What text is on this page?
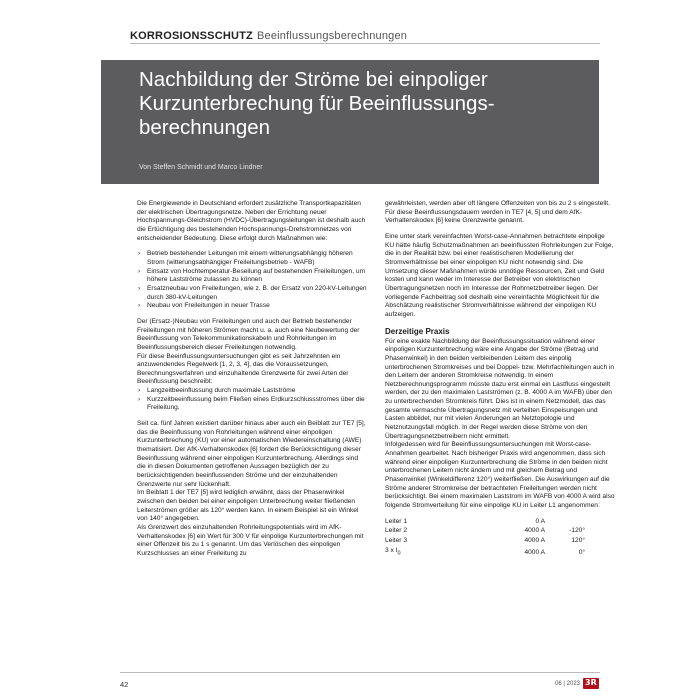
KORROSIONSSCHUTZ Beeinflussungsberechnungen
Nachbildung der Ströme bei einpoliger
Kurzunterbrechung für Beeinflussungs-
berechnungen
Von Steffen Schmidt und Marco Lindner

Die Energiewende in Deutschland erfordert zusätzliche Transportkapazitäten der elektrischen Übertragungsnetze. Neben der Errichtung neuer Hochspannungs-Gleichstrom (HVDC)-Übertragungsleitungen ist deshalb auch die Ertüchtigung des bestehenden Hochspannungs-Drehstromnetzes von entscheidender Bedeutung. Diese erfolgt durch Maßnahmen wie:

› Betrieb bestehender Leitungen mit einem witterungsabhängig höheren Strom (witterungsabhängiger Freileitungsbetrieb - WAFB)
› Einsatz von Hochtemperatur-Beseilung auf bestehenden Freileitungen, um höhere Lastströme zulassen zu können
› Ersatzneubau von Freileitungen, wie z. B. der Ersatz von 220-kV-Leitungen durch 380-kV-Leitungen
› Neubau von Freileitungen in neuer Trasse

Der (Ersatz-)Neubau von Freileitungen und auch der Betrieb bestehender Freileitungen mit höheren Strömen macht u. a. auch eine Neubewertung der Beeinflussung von Telekommunikationskabeln und Rohrleitungen im Beeinflussungsbereich dieser Freileitungen notwendig.

Für diese Beeinflussungsuntersuchungen gibt es seit Jahrzehnten ein anzuwendendes Regelwerk [1, 2, 3, 4], das die Voraussetzungen, Berechnungsverfahren und einzuhaltende Grenzwerte für zwei Arten der Beeinflussung beschreibt:

› Langzeitbeeinflussung durch maximale Lastströme
› Kurzzeitbeeinflussung beim Fließen eines Erdkurzschlussstromes über die Freileitung.

Seit ca. fünf Jahren existiert darüber hinaus aber auch ein Beiblatt zur TE7 [5], das die Beeinflussung von Rohrleitungen während einer einpoligen Kurzunterbrechung (KU) vor einer automatischen Wiedereinschaltung (AWE) thematisiert. Der AfK-Verhaltenskodex [6] fordert die Berücksichtigung dieser Beeinflussung während einer einpoligen Kurzunterbrechung. Allerdings sind die in diesen Dokumenten getroffenen Aussagen bezüglich der zu berücksichtigenden beeinflussenden Ströme und der einzuhaltenden Grenzwerte nur sehr lückenhaft.

Im Beiblatt 1 der TE7 [5] wird lediglich erwähnt, dass der Phasenwinkel zwischen den beiden bei einer einpoligen Unterbrechung weiter fließenden Leiterströmen größer als 120° werden kann. In einem Beispiel ist ein Winkel von 140° angegeben.

Als Grenzwert des einzuhaltenden Rohrleitungspotentials wird im AfK-Verhaltenskodex [6] ein Wert für 300 V für einpolige Kurzunterbrechungen mit einer Offenzeit bis zu 1 s genannt. Um das Verlöschen des einpoligen Kurzschlusses an einer Freileitung zu

gewährleisten, werden aber oft längere Offenzeiten von bis zu 2 s eingestellt. Für diese Beeinflussungsdauern werden in TE7 [4, 5] und dem AfK-Verhaltenskodex [6] keine Grenzwerte genannt.

Eine unter stark vereinfachten Worst-case-Annahmen betrachtete einpolige KU hätte häufig Schutzmaßnahmen an beeinflussten Rohrleitungen zur Folge, die in der Realität bzw. bei einer realistischeren Modellierung der Stromverhältnisse bei einer einpoligen KU nicht notwendig sind. Die Umsetzung dieser Maßnahmen würde unnötige Ressourcen, Zeit und Geld kosten und kann weder im Interesse der Betreiber von elektrischen Übertragungsnetzen noch im Interesse der Rohrnetzbetreiber liegen. Der vorliegende Fachbeitrag soll deshalb eine vereinfachte Möglichkeit für die Abschätzung realistischer Stromverhältnisse während der einpoligen KU aufzeigen.

Derzeitige Praxis

Für eine exakte Nachbildung der Beeinflussungssituation während einer einpoligen Kurzunterbrechung wäre eine Angabe der Ströme (Betrag und Phasenwinkel) in den beiden verbleibenden Leitern des einpolig unterbrochenen Stromkreises und bei Doppel- bzw. Mehrfachleitungen auch in den Leitern der anderen Stromkreise notwendig. In einem Netzberechnungsprogramm müsste dazu erst einmal ein Lastfluss eingestellt werden, der zu den maximalen Lastströmen (z. B. 4000 A im WAFB) über den zu unterbrechenden Stromkreis führt. Dies ist in einem Netzmodell, das das gesamte vermaschte Übertragungsnetz mit verteilten Einspeisungen und Lasten abbildet, nur mit vielen Änderungen an Netztopologie und Netznutzungsfall möglich. In der Regel werden diese Ströme von den Übertragungsnetzbetreibern nicht ermittelt.

Infolgedessen wird für Beeinflussungsuntersuchungen mit Worst-case-Annahmen gearbeitet. Nach bisheriger Praxis wird angenommen, dass sich während einer einpoligen Kurzunterbrechung die Ströme in den beiden nicht unterbrochenen Leitern nicht ändern und mit gleichem Betrag und Phasenwinkel (Winkeldifferenz 120°) weiterfließen. Die Auswirkungen auf die Ströme anderer Stromkreise der betrachteten Freileitungen werden nicht berücksichtigt. Bei einem maximalen Laststrom im WAFB von 4000 A wird also folgende Stromverteilung für eine einpolige KU in Leiter L1 angenommen:

Leiter 1	0 A	
Leiter 2	4000 A	-120°
Leiter 3	4000 A	120°
3 x $I_0$	4000 A	0°
42	06 | 2023 3R
